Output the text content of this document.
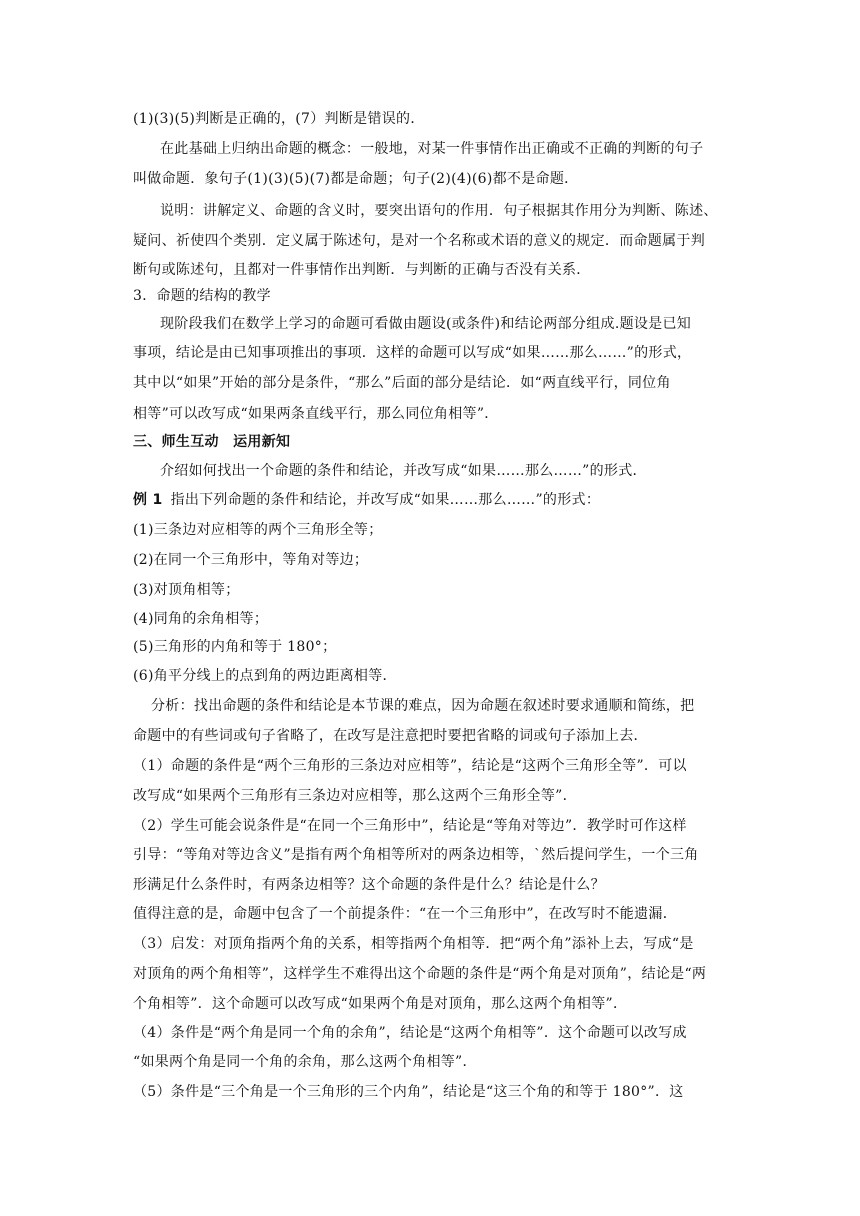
(1)(3)(5)判断是正确的，(7）判断是错误的．
在此基础上归纳出命题的概念：一般地，对某一件事情作出正确或不正确的判断的句子
叫做命题．象句子(1)(3)(5)(7)都是命题；句子(2)(4)(6)都不是命题．
说明：讲解定义、命题的含义时，要突出语句的作用．句子根据其作用分为判断、陈述、
疑问、祈使四个类别．定义属于陈述句，是对一个名称或术语的意义的规定．而命题属于判
断句或陈述句，且都对一件事情作出判断．与判断的正确与否没有关系．
3．命题的结构的教学
现阶段我们在数学上学习的命题可看做由题设(或条件)和结论两部分组成.题设是已知
事项，结论是由已知事项推出的事项．这样的命题可以写成“如果……那么……”的形式，
其中以“如果”开始的部分是条件，“那么”后面的部分是结论．如“两直线平行，同位角
相等”可以改写成“如果两条直线平行，那么同位角相等”．
三、师生互动　运用新知
介绍如何找出一个命题的条件和结论，并改写成“如果……那么……”的形式．
例 1 指出下列命题的条件和结论，并改写成“如果……那么……”的形式：
(1)三条边对应相等的两个三角形全等；
(2)在同一个三角形中，等角对等边；
(3)对顶角相等；
(4)同角的余角相等；
(5)三角形的内角和等于 180°；
(6)角平分线上的点到角的两边距离相等．
分析：找出命题的条件和结论是本节课的难点，因为命题在叙述时要求通顺和简练，把
命题中的有些词或句子省略了，在改写是注意把时要把省略的词或句子添加上去．
（1）命题的条件是“两个三角形的三条边对应相等”，结论是“这两个三角形全等”．可以
改写成“如果两个三角形有三条边对应相等，那么这两个三角形全等”．
（2）学生可能会说条件是“在同一个三角形中”，结论是“等角对等边”．教学时可作这样
引导：“等角对等边含义”是指有两个角相等所对的两条边相等，`然后提问学生，一个三角
形满足什么条件时，有两条边相等？这个命题的条件是什么？结论是什么？
值得注意的是，命题中包含了一个前提条件：“在一个三角形中”，在改写时不能遗漏．
（3）启发：对顶角指两个角的关系，相等指两个角相等．把“两个角”添补上去，写成“是
对顶角的两个角相等”，这样学生不难得出这个命题的条件是“两个角是对顶角”，结论是“两
个角相等”．这个命题可以改写成“如果两个角是对顶角，那么这两个角相等”．
（4）条件是“两个角是同一个角的余角”，结论是“这两个角相等”．这个命题可以改写成
“如果两个角是同一个角的余角，那么这两个角相等”．
（5）条件是“三个角是一个三角形的三个内角”，结论是“这三个角的和等于 180°”．这
